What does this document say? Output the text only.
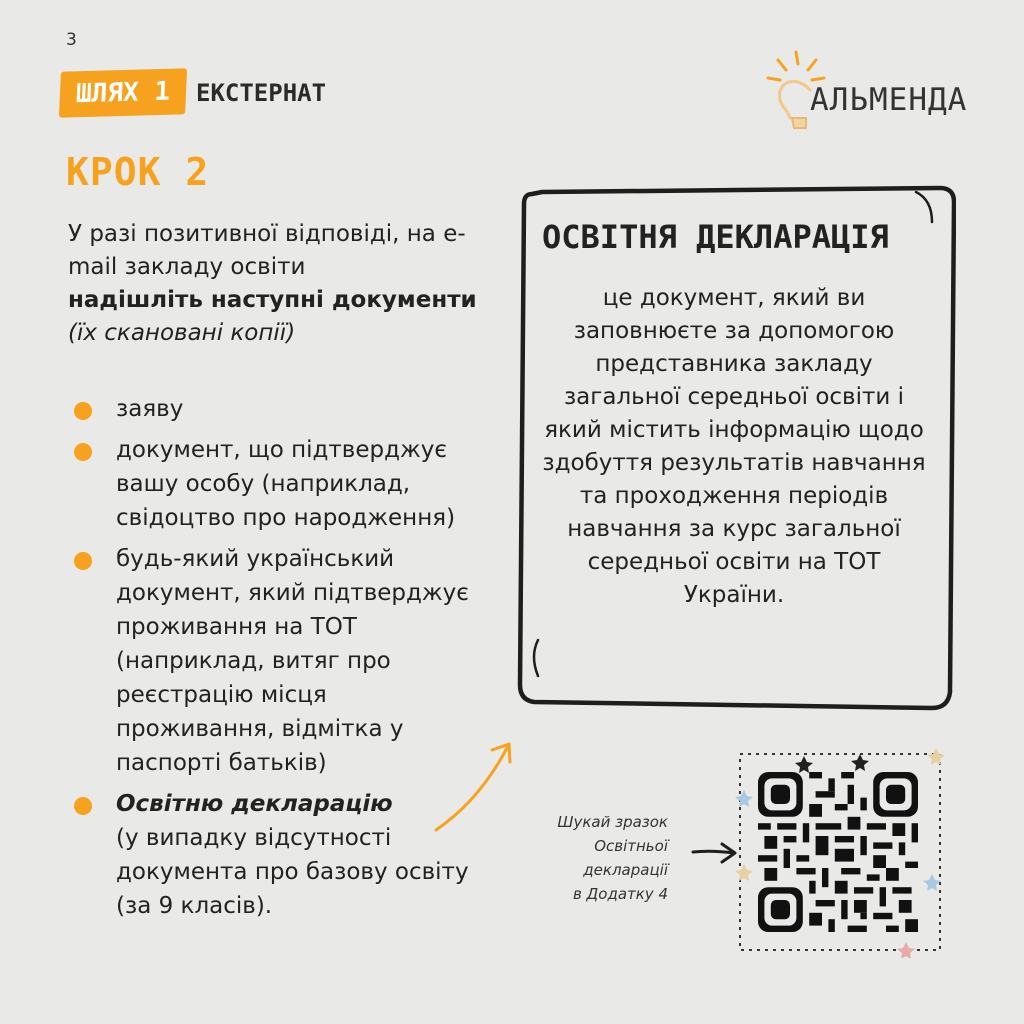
3
ШЛЯХ 1	ЕКСТЕРНАТ	АЛЬМЕНДА
КРОК 2

У разі позитивної відповіді, на e-mail закладу освіти

надішліть наступні документи

(їх скановані копії)

заяву
документ, що підтверджує вашу особу (наприклад, свідоцтво про народження)
будь-який український документ, який підтверджує проживання на ТОТ (наприклад, витяг про реєстрацію місця проживання, відмітка у паспорті батьків)
Освітню декларацію
(у випадку відсутності документа про базову освіту (за 9 класів).
ОСВІТНЯ ДЕКЛАРАЦІЯ
це документ, який ви заповнюєте за допомогою представника закладу загальної середньої освіти і який містить інформацію щодо здобуття результатів навчання та проходження періодів навчання за курс загальної середньої освіти на ТОТ України.

Шукай зразок

Освітньої

декларації

в Додатку 4
